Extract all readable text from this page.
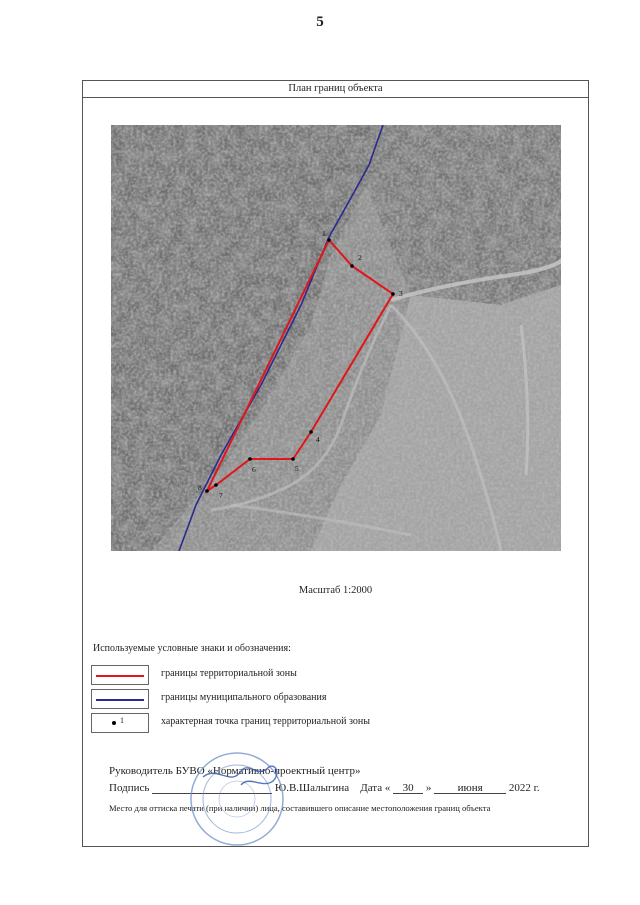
5
План границ объекта
1
2
3
4
5
6
7
8
Масштаб 1:2000
Используемые условные знаки и обозначения:
границы территориальной зоны
границы муниципального образования
1	характерная точка границ территориальной зоны
Руководитель БУВО «Нормативно-проектный центр»
Подпись	Ю.В.Шалыгина Дата « 30 » июня 2022 г.
Место для оттиска печати (при наличии) лица, составившего описание местоположения границ объекта
